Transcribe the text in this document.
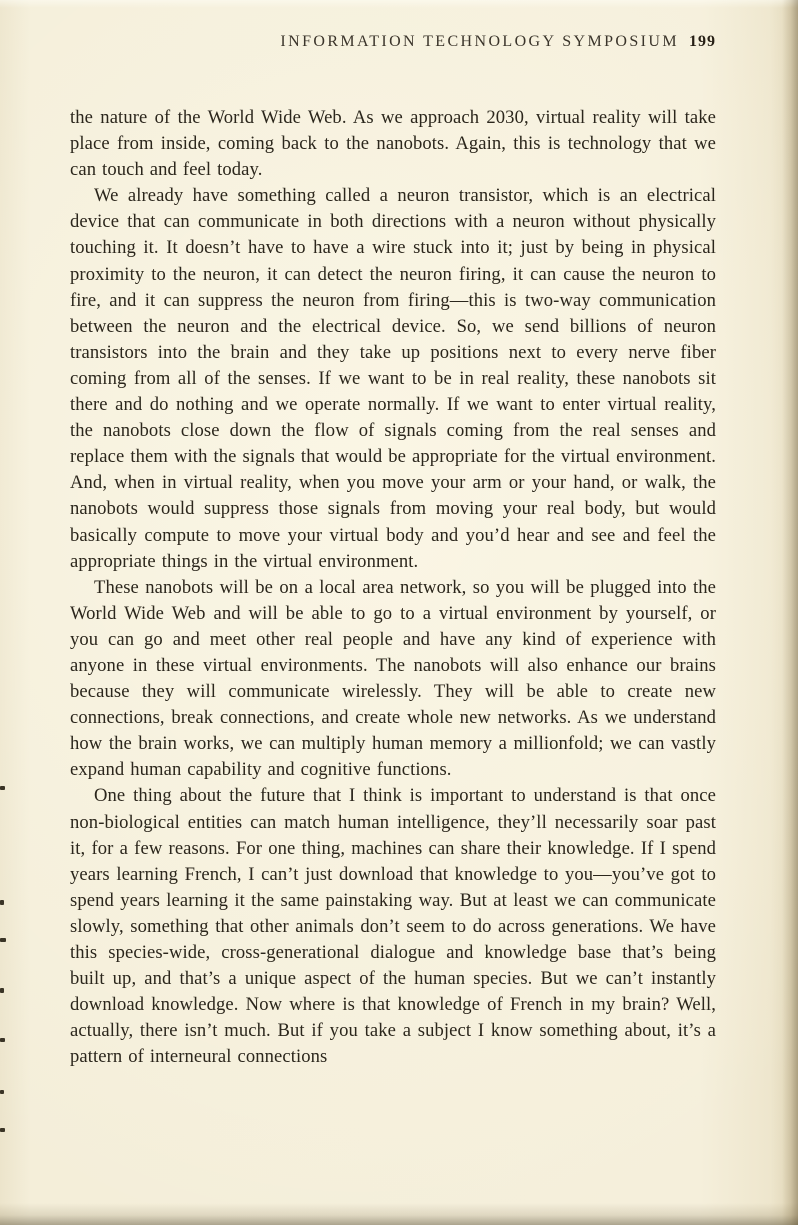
INFORMATION TECHNOLOGY SYMPOSIUM 199

the nature of the World Wide Web. As we approach 2030, virtual reality will take place from inside, coming back to the nanobots. Again, this is technology that we can touch and feel today.

We already have something called a neuron transistor, which is an electrical device that can communicate in both directions with a neuron without physically touching it. It doesn’t have to have a wire stuck into it; just by being in physical proximity to the neuron, it can detect the neuron firing, it can cause the neuron to fire, and it can suppress the neuron from firing—this is two-way communication between the neuron and the electrical device. So, we send billions of neuron transistors into the brain and they take up positions next to every nerve fiber coming from all of the senses. If we want to be in real reality, these nanobots sit there and do nothing and we operate normally. If we want to enter virtual reality, the nanobots close down the flow of signals coming from the real senses and replace them with the signals that would be appropriate for the virtual environment. And, when in virtual reality, when you move your arm or your hand, or walk, the nanobots would suppress those signals from moving your real body, but would basically compute to move your virtual body and you’d hear and see and feel the appropriate things in the virtual environment.

These nanobots will be on a local area network, so you will be plugged into the World Wide Web and will be able to go to a virtual environment by yourself, or you can go and meet other real people and have any kind of experience with anyone in these virtual environments. The nanobots will also enhance our brains because they will communicate wirelessly. They will be able to create new connections, break connections, and create whole new networks. As we understand how the brain works, we can multiply human memory a millionfold; we can vastly expand human capability and cognitive functions.

One thing about the future that I think is important to understand is that once non-biological entities can match human intelligence, they’ll necessarily soar past it, for a few reasons. For one thing, machines can share their knowledge. If I spend years learning French, I can’t just download that knowledge to you—you’ve got to spend years learning it the same painstaking way. But at least we can communicate slowly, something that other animals don’t seem to do across generations. We have this species-wide, cross-generational dialogue and knowledge base that’s being built up, and that’s a unique aspect of the human species. But we can’t instantly download knowledge. Now where is that knowledge of French in my brain? Well, actually, there isn’t much. But if you take a subject I know something about, it’s a pattern of interneural connections
